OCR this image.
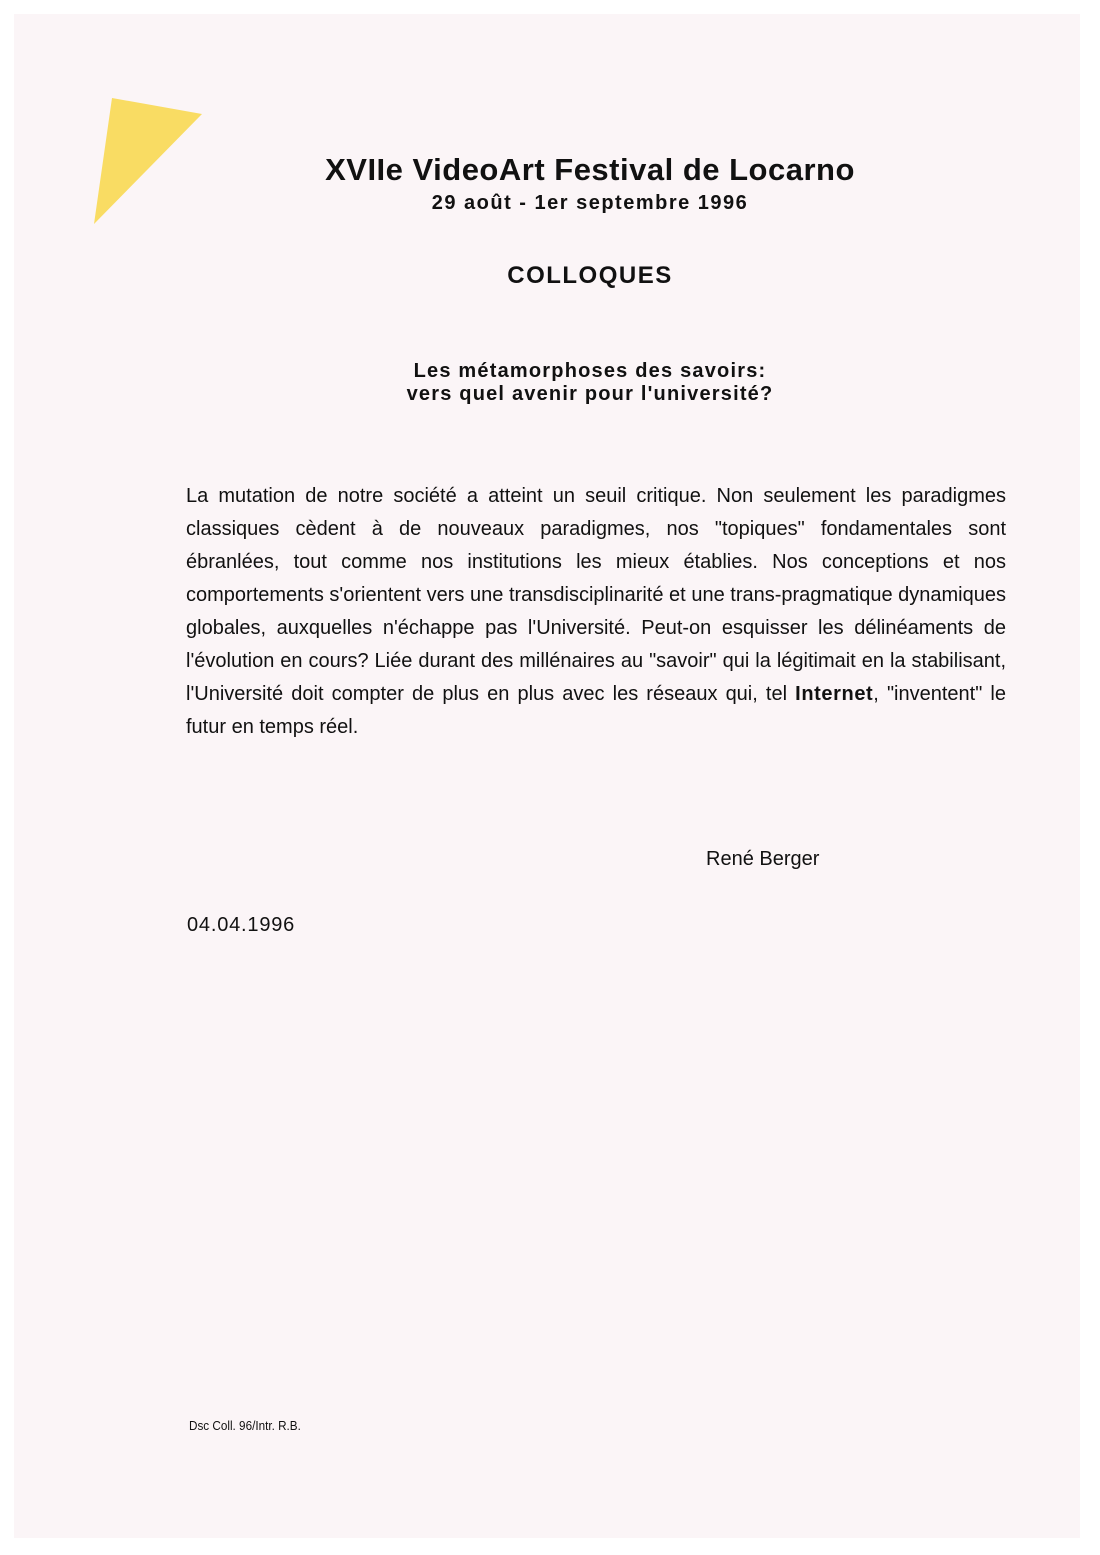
XVIIe VideoArt Festival de Locarno
29 août - 1er septembre 1996
COLLOQUES
Les métamorphoses des savoirs:
vers quel avenir pour l'université?

La mutation de notre société a atteint un seuil critique. Non seulement les paradigmes classiques cèdent à de nouveaux paradigmes, nos "topiques" fondamentales sont ébranlées, tout comme nos institutions les mieux établies. Nos conceptions et nos comportements s'orientent vers une transdisciplinarité et une trans-pragmatique dynamiques globales, auxquelles n'échappe pas l'Université. Peut-on esquisser les délinéaments de l'évolution en cours? Liée durant des millénaires au "savoir" qui la légitimait en la stabilisant, l'Université doit compter de plus en plus avec les réseaux qui, tel Internet, "inventent" le futur en temps réel.

René Berger
04.04.1996
Dsc Coll. 96/Intr. R.B.
